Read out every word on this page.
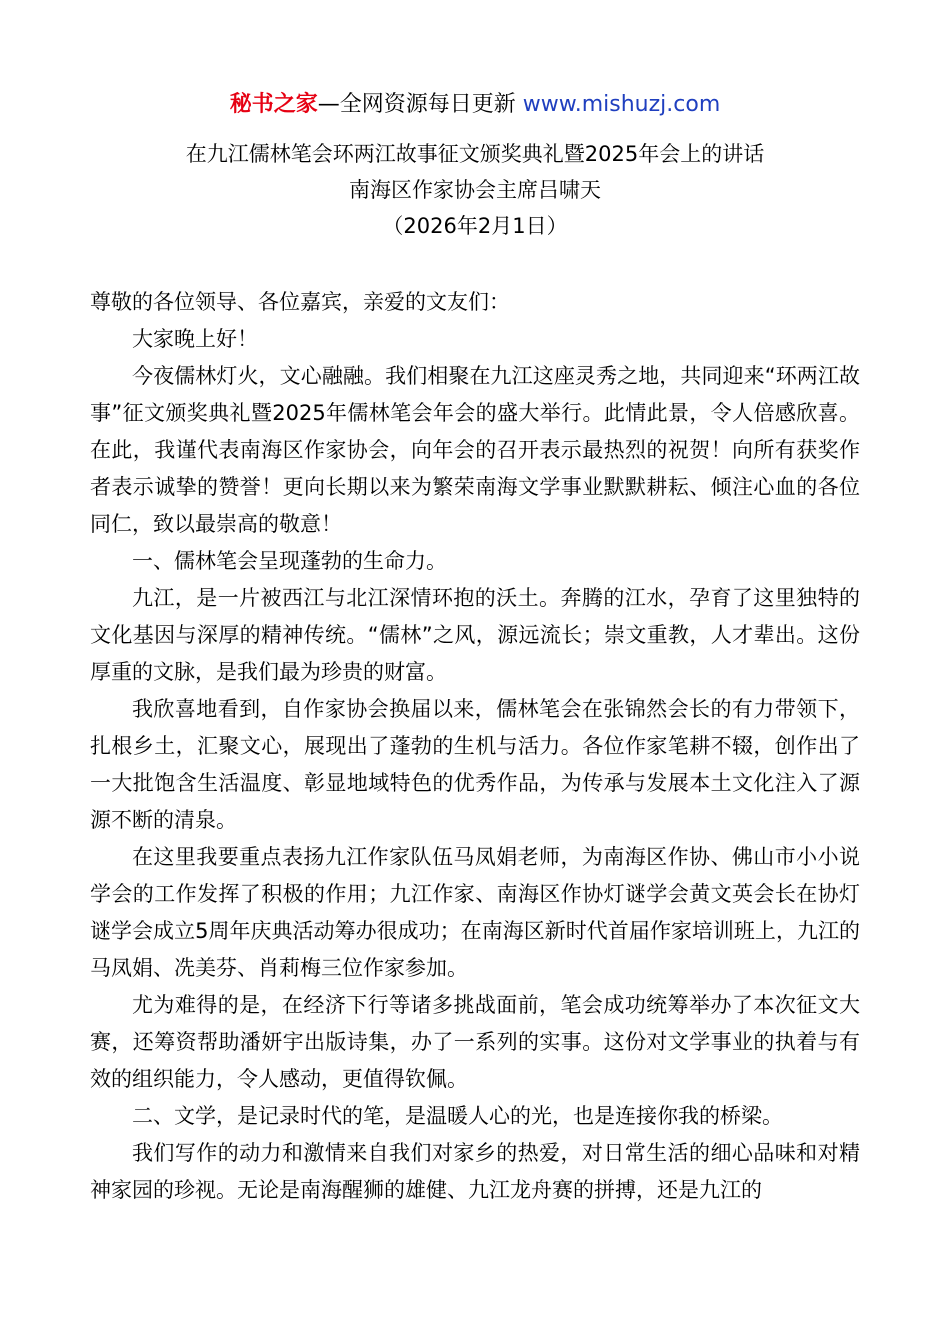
秘书之家—全网资源每日更新 www.mishuzj.com
在九江儒林笔会环两江故事征文颁奖典礼暨2025年会上的讲话
南海区作家协会主席吕啸天
（2026年2月1日）

尊敬的各位领导、各位嘉宾，亲爱的文友们：

大家晚上好！

今夜儒林灯火，文心融融。我们相聚在九江这座灵秀之地，共同迎来“环两江故事”征文颁奖典礼暨2025年儒林笔会年会的盛大举行。此情此景，令人倍感欣喜。在此，我谨代表南海区作家协会，向年会的召开表示最热烈的祝贺！向所有获奖作者表示诚挚的赞誉！更向长期以来为繁荣南海文学事业默默耕耘、倾注心血的各位同仁，致以最崇高的敬意！

一、儒林笔会呈现蓬勃的生命力。

九江，是一片被西江与北江深情环抱的沃土。奔腾的江水，孕育了这里独特的文化基因与深厚的精神传统。“儒林”之风，源远流长；崇文重教，人才辈出。这份厚重的文脉，是我们最为珍贵的财富。

我欣喜地看到，自作家协会换届以来，儒林笔会在张锦然会长的有力带领下，扎根乡土，汇聚文心，展现出了蓬勃的生机与活力。各位作家笔耕不辍，创作出了一大批饱含生活温度、彰显地域特色的优秀作品，为传承与发展本土文化注入了源源不断的清泉。

在这里我要重点表扬九江作家队伍马凤娟老师，为南海区作协、佛山市小小说学会的工作发挥了积极的作用；九江作家、南海区作协灯谜学会黄文英会长在协灯谜学会成立5周年庆典活动筹办很成功；在南海区新时代首届作家培训班上，九江的马凤娟、冼美芬、肖莉梅三位作家参加。

尤为难得的是，在经济下行等诸多挑战面前，笔会成功统筹举办了本次征文大赛，还筹资帮助潘妍宇出版诗集，办了一系列的实事。这份对文学事业的执着与有效的组织能力，令人感动，更值得钦佩。

二、文学，是记录时代的笔，是温暖人心的光，也是连接你我的桥梁。

我们写作的动力和激情来自我们对家乡的热爱，对日常生活的细心品味和对精神家园的珍视。无论是南海醒狮的雄健、九江龙舟赛的拼搏，还是九江的
